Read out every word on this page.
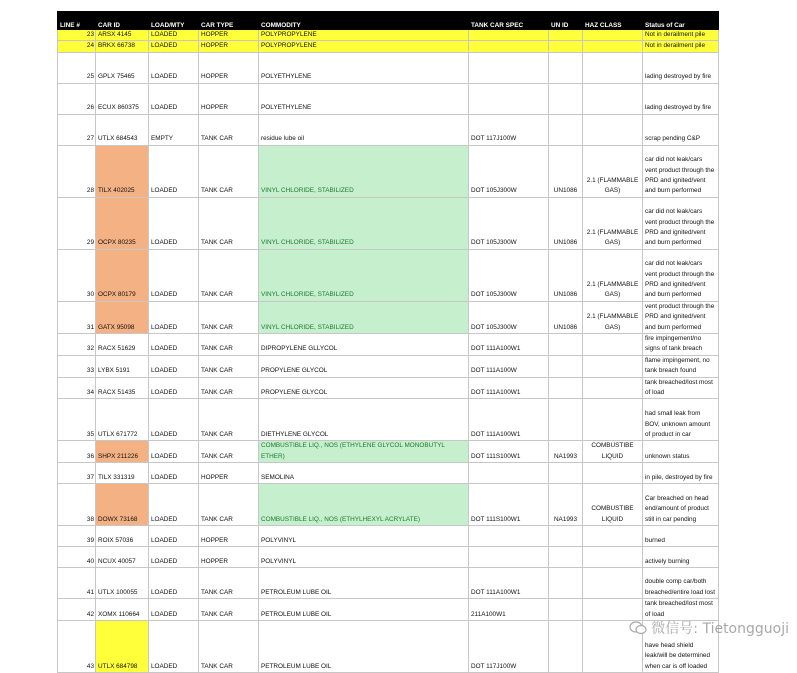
LINE #	CAR ID	LOAD/MTY	CAR TYPE	COMMODITY	TANK CAR SPEC	UN ID	HAZ CLASS	Status of Car
23	ARSX 4145	LOADED	HOPPER	POLYPROPYLENE				Not in derailment pile
24	BRKX 66738	LOADED	HOPPER	POLYPROPYLENE				Not in derailment pile
25	GPLX 75465	LOADED	HOPPER	POLYETHYLENE				lading destroyed by fire
26	ECUX 860375	LOADED	HOPPER	POLYETHYLENE				lading destroyed by fire
27	UTLX 684543	EMPTY	TANK CAR	residue lube oil	DOT 117J100W			scrap pending C&P
28	TILX 402025	LOADED	TANK CAR	VINYL CHLORIDE, STABILIZED	DOT 105J300W	UN1086	2.1 (FLAMMABLE GAS)	car did not leak/cars vent product through the PRD and ignited/vent and burn performed
29	OCPX 80235	LOADED	TANK CAR	VINYL CHLORIDE, STABILIZED	DOT 105J300W	UN1086	2.1 (FLAMMABLE GAS)	car did not leak/cars vent product through the PRD and ignited/vent and burn performed
30	OCPX 80179	LOADED	TANK CAR	VINYL CHLORIDE, STABILIZED	DOT 105J300W	UN1086	2.1 (FLAMMABLE GAS)	car did not leak/cars vent product through the PRD and ignited/vent and burn performed
31	GATX 95098	LOADED	TANK CAR	VINYL CHLORIDE, STABILIZED	DOT 105J300W	UN1086	2.1 (FLAMMABLE GAS)	vent product through the PRD and ignited/vent and burn performed
32	RACX 51629	LOADED	TANK CAR	DIPROPYLENE GLLYCOL	DOT 111A100W1			fire impingement/no signs of tank breach
33	LYBX 5191	LOADED	TANK CAR	PROPYLENE GLYCOL	DOT 111A100W			flame impingement, no tank breach found
34	RACX 51435	LOADED	TANK CAR	PROPYLENE GLYCOL	DOT 111A100W1			tank breached/lost most of load
35	UTLX 671772	LOADED	TANK CAR	DIETHYLENE GLYCOL	DOT 111A100W1			had small leak from BOV, unknown amount of product in car
36	SHPX 211226	LOADED	TANK CAR	COMBUSTIBLE LIQ., NOS (ETHYLENE GLYCOL MONOBUTYL ETHER)	DOT 111S100W1	NA1993	COMBUSTIBE LIQUID	unknown status
37	TILX 331319	LOADED	HOPPER	SEMOLINA				in pile, destroyed by fire
38	DOWX 73168	LOADED	TANK CAR	COMBUSTIBLE LIQ., NOS (ETHYLHEXYL ACRYLATE)	DOT 111S100W1	NA1993	COMBUSTIBE LIQUID	Car breached on head end/amount of product still in car pending
39	ROIX 57036	LOADED	HOPPER	POLYVINYL				burned
40	NCUX 40057	LOADED	HOPPER	POLYVINYL				actively burning
41	UTLX 100055	LOADED	TANK CAR	PETROLEUM LUBE OIL	DOT 111A100W1			double comp car/both breached/entire load lost
42	XOMX 110664	LOADED	TANK CAR	PETROLEUM LUBE OIL	211A100W1			tank breached/lost most of load
43	UTLX 684798	LOADED	TANK CAR	PETROLEUM LUBE OIL	DOT 117J100W			have head shield leak/will be determined when car is off loaded
微信号: Tietongguoji
